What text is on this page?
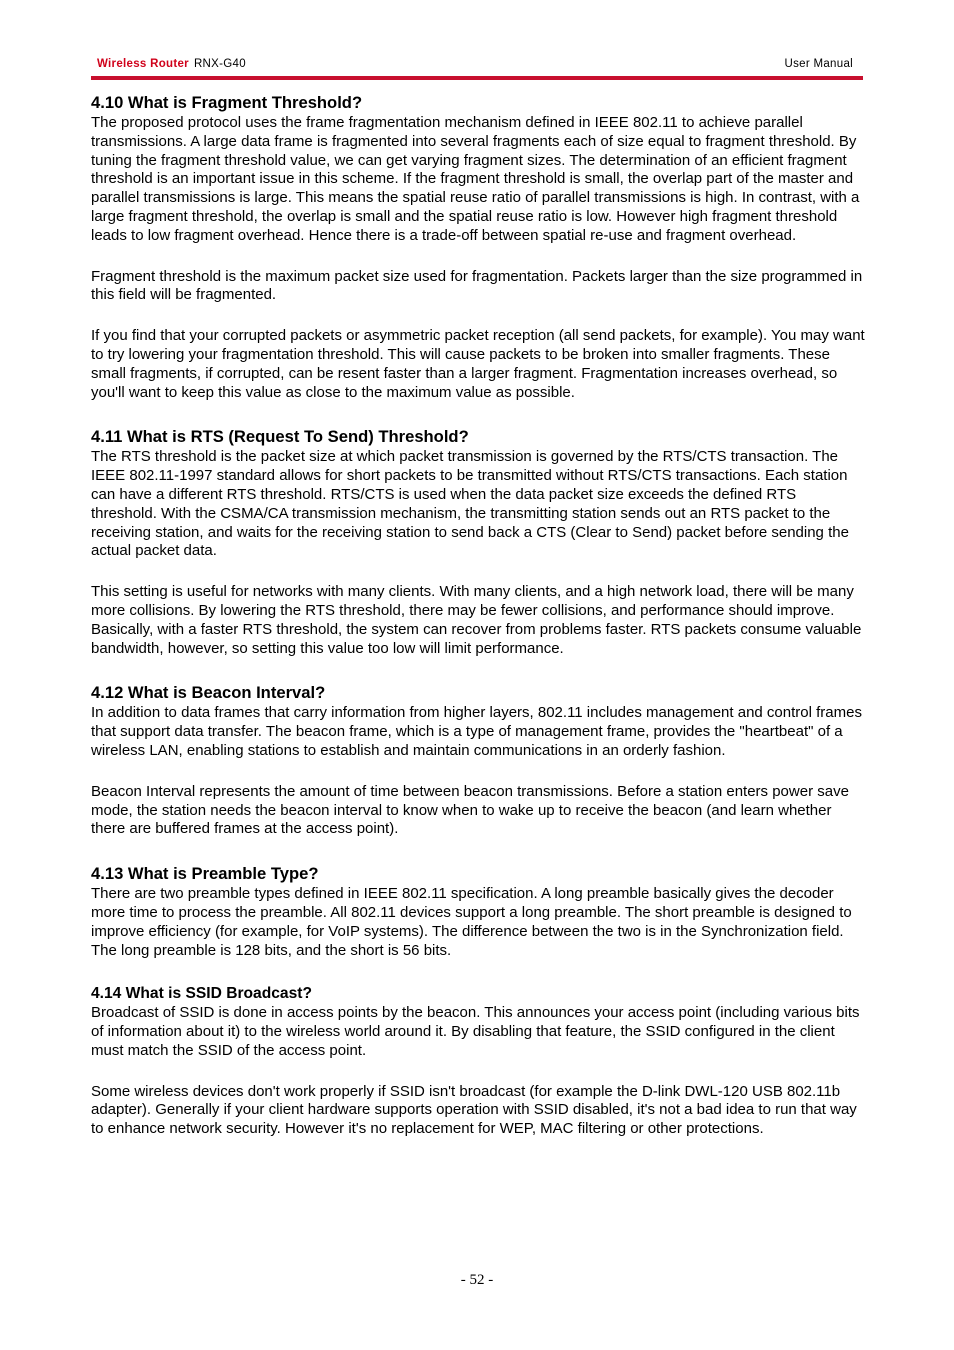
Wireless Router RNX-G40	User Manual
4.10 What is Fragment Threshold?

The proposed protocol uses the frame fragmentation mechanism defined in IEEE 802.11 to achieve parallel transmissions. A large data frame is fragmented into several fragments each of size equal to fragment threshold. By tuning the fragment threshold value, we can get varying fragment sizes. The determination of an efficient fragment threshold is an important issue in this scheme. If the fragment threshold is small, the overlap part of the master and parallel transmissions is large. This means the spatial reuse ratio of parallel transmissions is high. In contrast, with a large fragment threshold, the overlap is small and the spatial reuse ratio is low. However high fragment threshold leads to low fragment overhead. Hence there is a trade-off between spatial re-use and fragment overhead.

Fragment threshold is the maximum packet size used for fragmentation. Packets larger than the size programmed in this field will be fragmented.

If you find that your corrupted packets or asymmetric packet reception (all send packets, for example). You may want to try lowering your fragmentation threshold. This will cause packets to be broken into smaller fragments. These small fragments, if corrupted, can be resent faster than a larger fragment. Fragmentation increases overhead, so you'll want to keep this value as close to the maximum value as possible.

4.11 What is RTS (Request To Send) Threshold?

The RTS threshold is the packet size at which packet transmission is governed by the RTS/CTS transaction. The IEEE 802.11-1997 standard allows for short packets to be transmitted without RTS/CTS transactions. Each station can have a different RTS threshold. RTS/CTS is used when the data packet size exceeds the defined RTS threshold. With the CSMA/CA transmission mechanism, the transmitting station sends out an RTS packet to the receiving station, and waits for the receiving station to send back a CTS (Clear to Send) packet before sending the actual packet data.

This setting is useful for networks with many clients. With many clients, and a high network load, there will be many more collisions. By lowering the RTS threshold, there may be fewer collisions, and performance should improve. Basically, with a faster RTS threshold, the system can recover from problems faster. RTS packets consume valuable bandwidth, however, so setting this value too low will limit performance.

4.12 What is Beacon Interval?

In addition to data frames that carry information from higher layers, 802.11 includes management and control frames that support data transfer. The beacon frame, which is a type of management frame, provides the "heartbeat" of a wireless LAN, enabling stations to establish and maintain communications in an orderly fashion.

Beacon Interval represents the amount of time between beacon transmissions. Before a station enters power save mode, the station needs the beacon interval to know when to wake up to receive the beacon (and learn whether there are buffered frames at the access point).

4.13 What is Preamble Type?

There are two preamble types defined in IEEE 802.11 specification. A long preamble basically gives the decoder more time to process the preamble. All 802.11 devices support a long preamble. The short preamble is designed to improve efficiency (for example, for VoIP systems). The difference between the two is in the Synchronization field. The long preamble is 128 bits, and the short is 56 bits.

4.14 What is SSID Broadcast?

Broadcast of SSID is done in access points by the beacon. This announces your access point (including various bits of information about it) to the wireless world around it. By disabling that feature, the SSID configured in the client must match the SSID of the access point.

Some wireless devices don't work properly if SSID isn't broadcast (for example the D-link DWL-120 USB 802.11b adapter). Generally if your client hardware supports operation with SSID disabled, it's not a bad idea to run that way to enhance network security. However it's no replacement for WEP, MAC filtering or other protections.

- 52 -
